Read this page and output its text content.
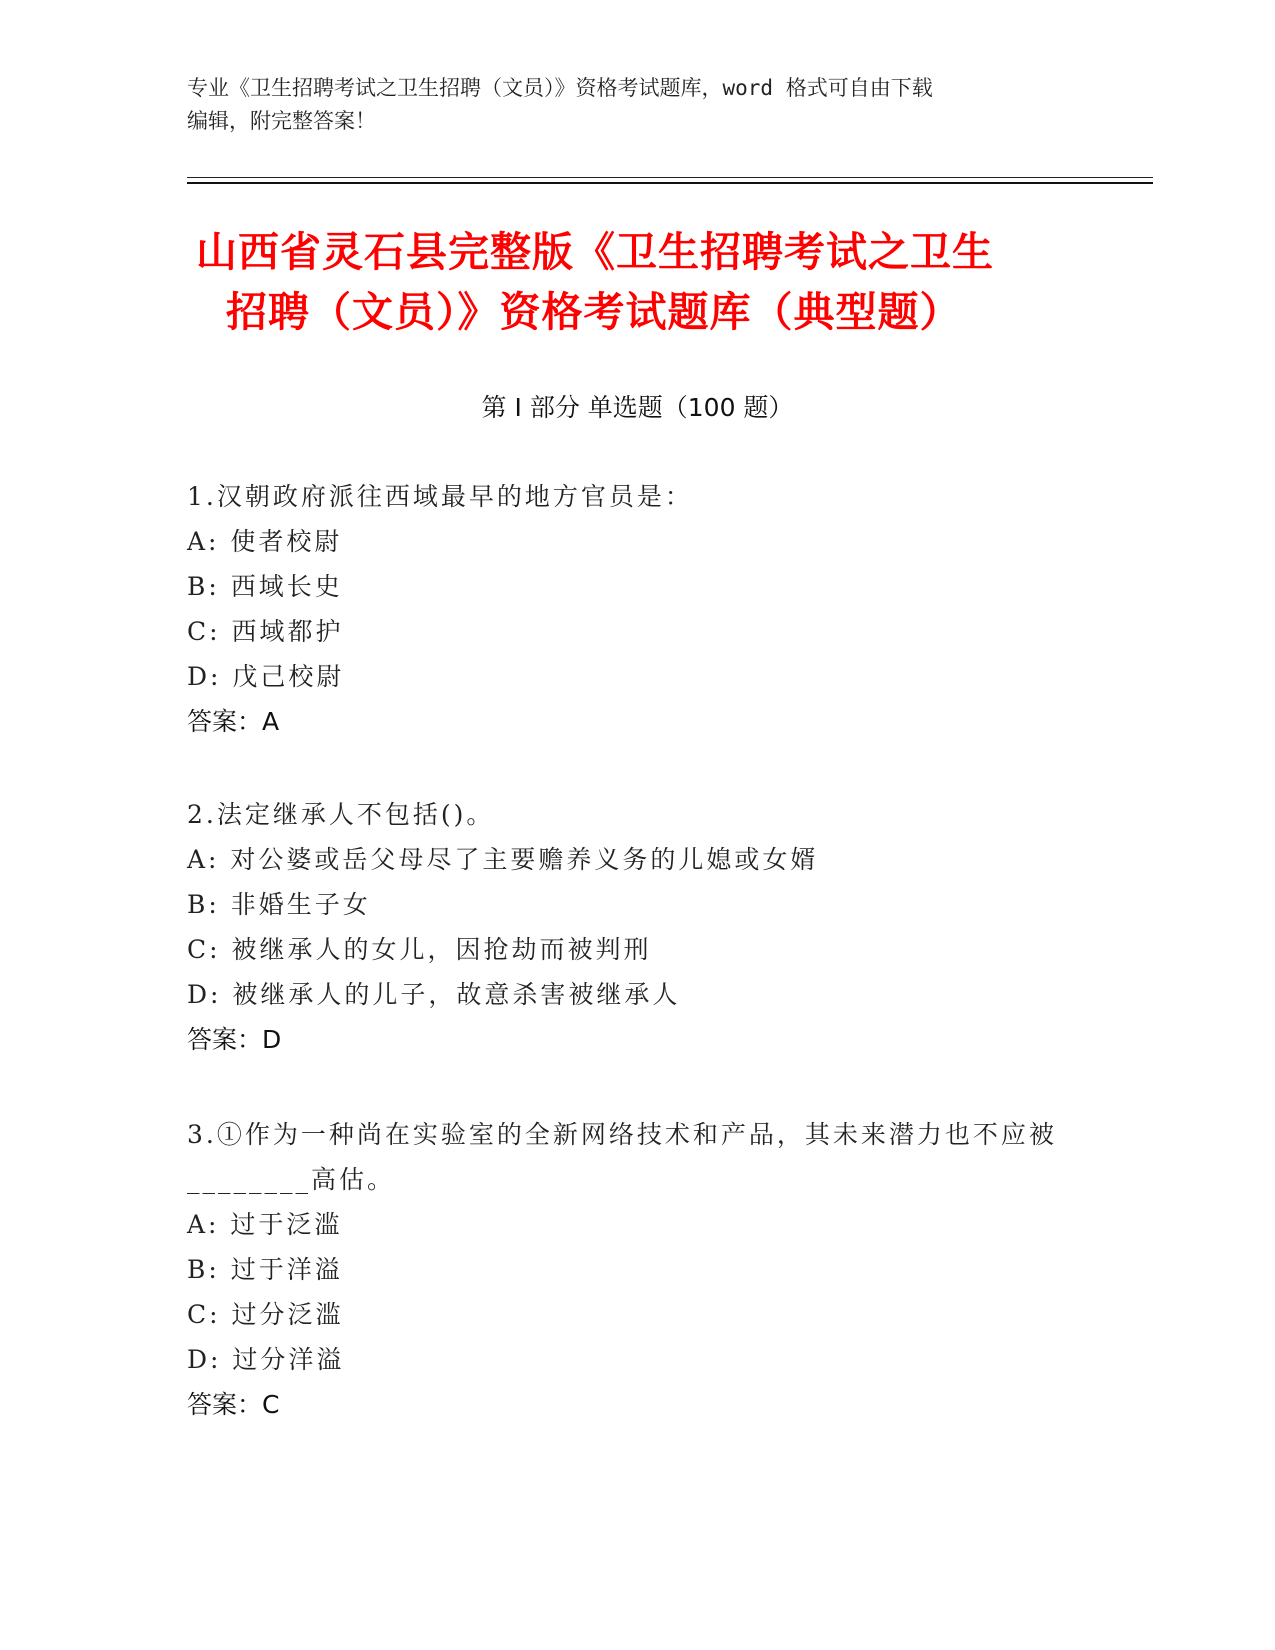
专业《卫生招聘考试之卫生招聘（文员）》资格考试题库，word 格式可自由下载
编辑，附完整答案！
山西省灵石县完整版《卫生招聘考试之卫生
招聘（文员）》资格考试题库（典型题）
第 I 部分 单选题（100 题）
1.汉朝政府派往西域最早的地方官员是：
A: 使者校尉
B: 西域长史
C: 西域都护
D: 戊己校尉
答案：A
2.法定继承人不包括()。
A: 对公婆或岳父母尽了主要赡养义务的儿媳或女婿
B: 非婚生子女
C: 被继承人的女儿，因抢劫而被判刑
D: 被继承人的儿子，故意杀害被继承人
答案：D
3.①作为一种尚在实验室的全新网络技术和产品，其未来潜力也不应被________高估。
A: 过于泛滥
B: 过于洋溢
C: 过分泛滥
D: 过分洋溢
答案：C
